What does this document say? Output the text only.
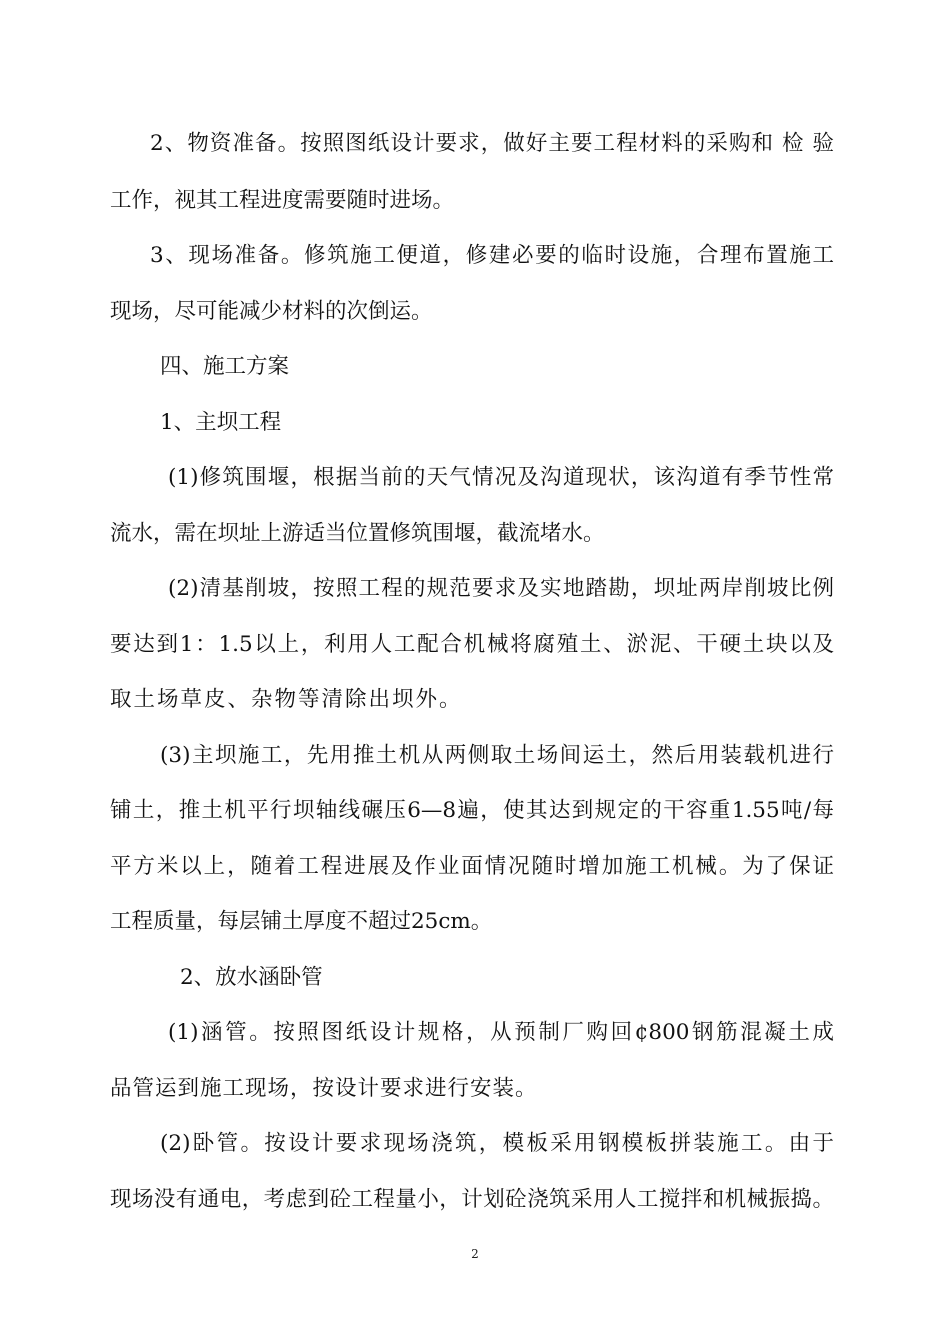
2、物资准备。按照图纸设计要求，做好主要工程材料的采购和 检 验
工作，视其工程进度需要随时进场。
3、现场准备。修筑施工便道，修建必要的临时设施，合理布置施工
现场，尽可能减少材料的次倒运。
四、施工方案
1、主坝工程
(1)修筑围堰，根据当前的天气情况及沟道现状，该沟道有季节性常
流水，需在坝址上游适当位置修筑围堰，截流堵水。
(2)清基削坡，按照工程的规范要求及实地踏勘，坝址两岸削坡比例
要达到1：1.5以上，利用人工配合机械将腐殖土、淤泥、干硬土块以及
取土场草皮、杂物等清除出坝外。
(3)主坝施工，先用推土机从两侧取土场间运土，然后用装载机进行
铺土，推土机平行坝轴线碾压6—8遍，使其达到规定的干容重1.55吨/每
平方米以上，随着工程进展及作业面情况随时增加施工机械。为了保证
工程质量，每层铺土厚度不超过25cm。
2、放水涵卧管
(1)涵管。按照图纸设计规格，从预制厂购回¢800钢筋混凝土成
品管运到施工现场，按设计要求进行安装。
(2)卧管。按设计要求现场浇筑，模板采用钢模板拼装施工。由于
现场没有通电，考虑到砼工程量小，计划砼浇筑采用人工搅拌和机械振捣。
2
